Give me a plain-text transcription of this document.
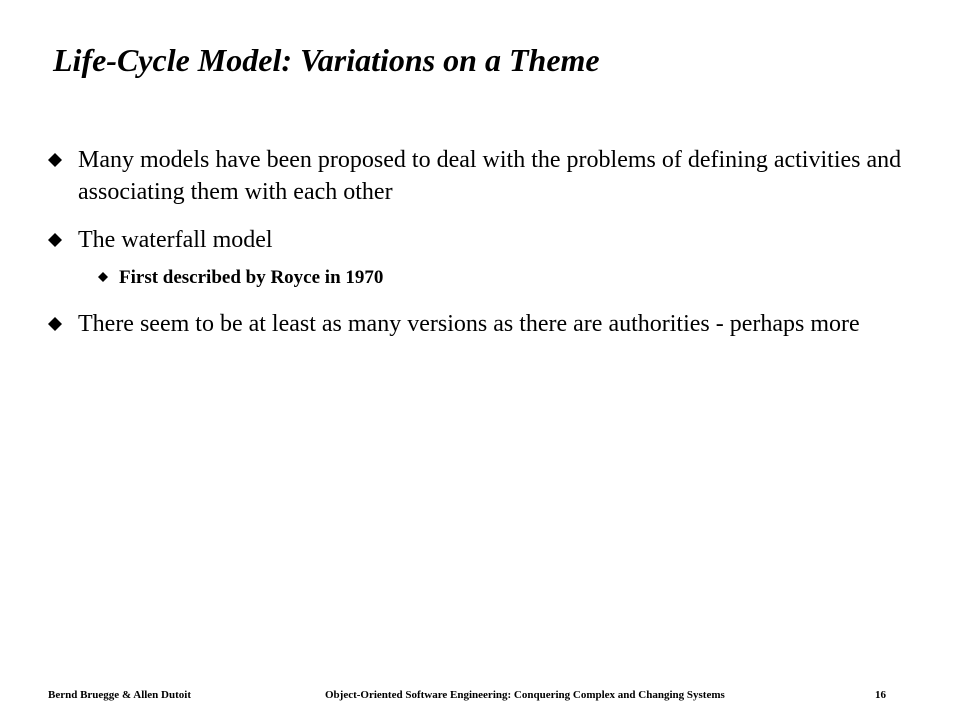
Life-Cycle Model: Variations on a Theme
Many models have been proposed to deal with the problems of defining activities and associating them with each other
The waterfall model
First described by Royce in 1970
There seem to be at least as many versions as there are authorities - perhaps more
Bernd Bruegge & Allen Dutoit	Object-Oriented Software Engineering: Conquering Complex and Changing Systems	16
